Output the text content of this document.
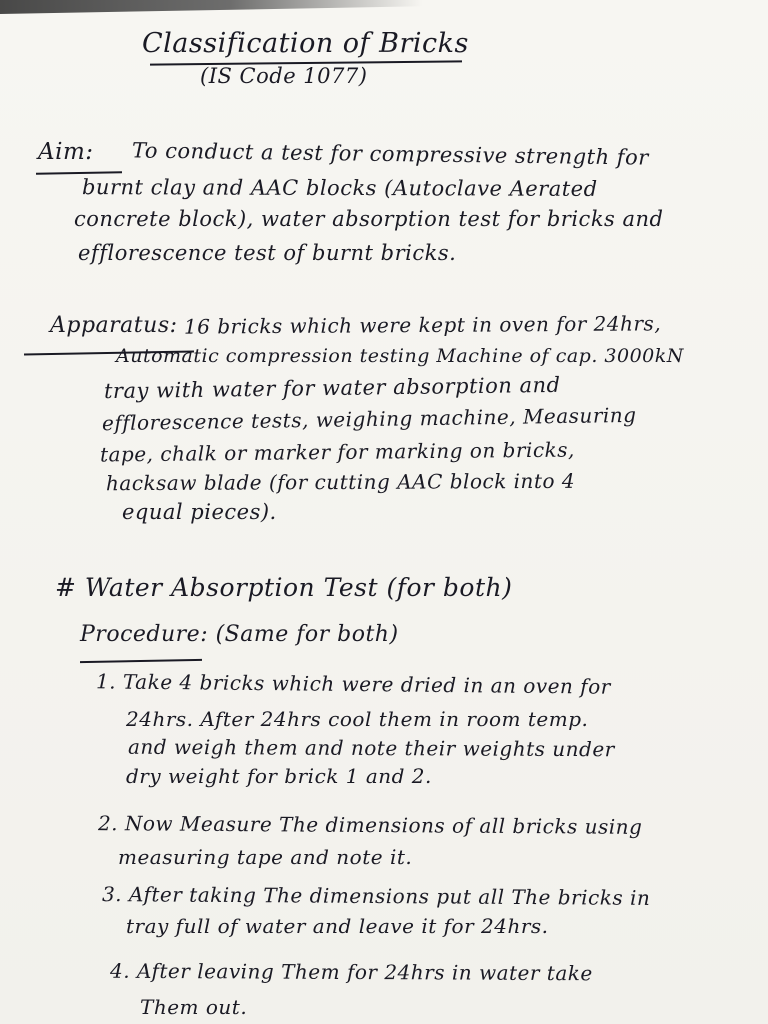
Classification of Bricks
(IS Code 1077)
Aim: To conduct a test for compressive strength for
burnt clay and AAC blocks (Autoclave Aerated
concrete block), water absorption test for bricks and
efflorescence test of burnt bricks.
Apparatus: 16 bricks which were kept in oven for 24hrs,
Automatic compression testing Machine of cap. 3000kN
tray with water for water absorption and
efflorescence tests, weighing machine, Measuring
tape, chalk or marker for marking on bricks,
hacksaw blade (for cutting AAC block into 4
equal pieces).
# Water Absorption Test (for both)
Procedure: (Same for both)
1. Take 4 bricks which were dried in an oven for
24hrs. After 24hrs cool them in room temp.
and weigh them and note their weights under
dry weight for brick 1 and 2.
2. Now Measure The dimensions of all bricks using
measuring tape and note it.
3. After taking The dimensions put all The bricks in
tray full of water and leave it for 24hrs.
4. After leaving Them for 24hrs in water take
Them out.
